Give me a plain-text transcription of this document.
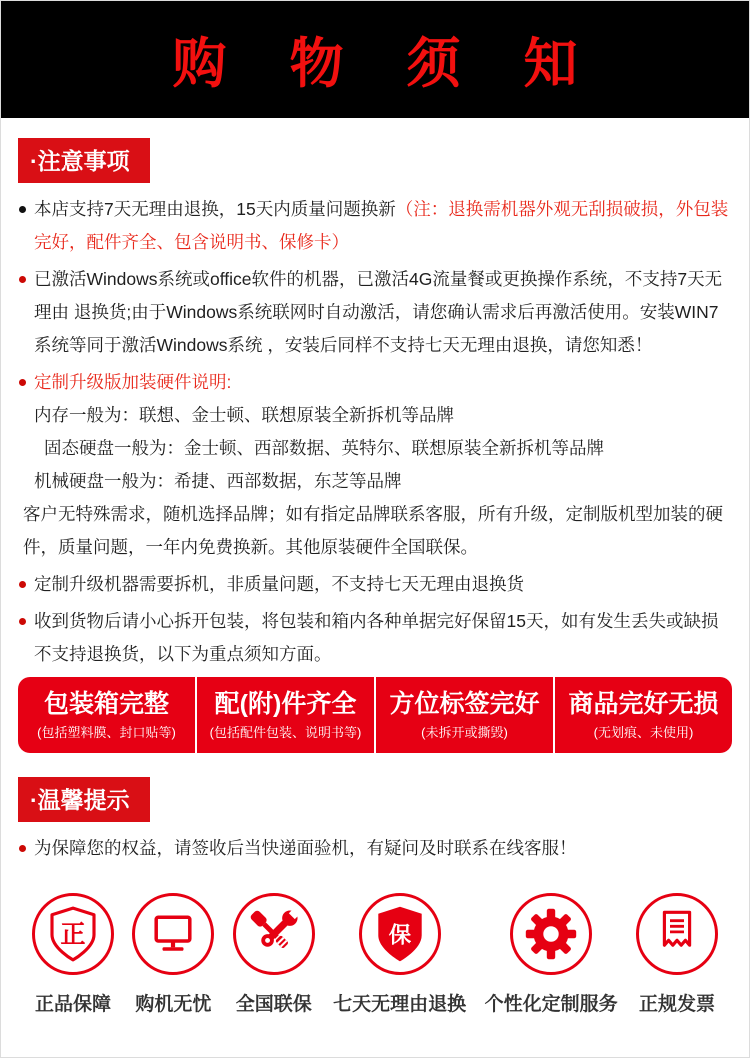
购 物 须 知
·注意事项
本店支持7天无理由退换，15天内质量问题换新（注：退换需机器外观无刮损破损，外包装完好，配件齐全、包含说明书、保修卡）
已激活Windows系统或office软件的机器，已激活4G流量餐或更换操作系统，不支持7天无理由 退换货;由于Windows系统联网时自动激活，请您确认需求后再激活使用。安装WIN7系统等同于激活Windows系统 ，安装后同样不支持七天无理由退换，请您知悉！
定制升级版加装硬件说明:
内存一般为：联想、金士顿、联想原装全新拆机等品牌
固态硬盘一般为：金士顿、西部数据、英特尔、联想原装全新拆机等品牌
机械硬盘一般为：希捷、西部数据，东芝等品牌
客户无特殊需求，随机选择品牌；如有指定品牌联系客服，所有升级，定制版机型加装的硬件，质量问题，一年内免费换新。其他原装硬件全国联保。
定制升级机器需要拆机，非质量问题，不支持七天无理由退换货
收到货物后请小心拆开包装，将包装和箱内各种单据完好保留15天，如有发生丢失或缺损不支持退换货，以下为重点须知方面。
包装箱完整
(包括塑料膜、封口贴等)
配(附)件齐全
(包括配件包装、说明书等)
方位标签完好
(未拆开或撕毁)
商品完好无损
(无划痕、未使用)
·温馨提示
为保障您的权益，请签收后当快递面验机，有疑问及时联系在线客服！
正
正品保障 购机无忧 全国联保
保
七天无理由退换 个性化定制服务 正规发票
